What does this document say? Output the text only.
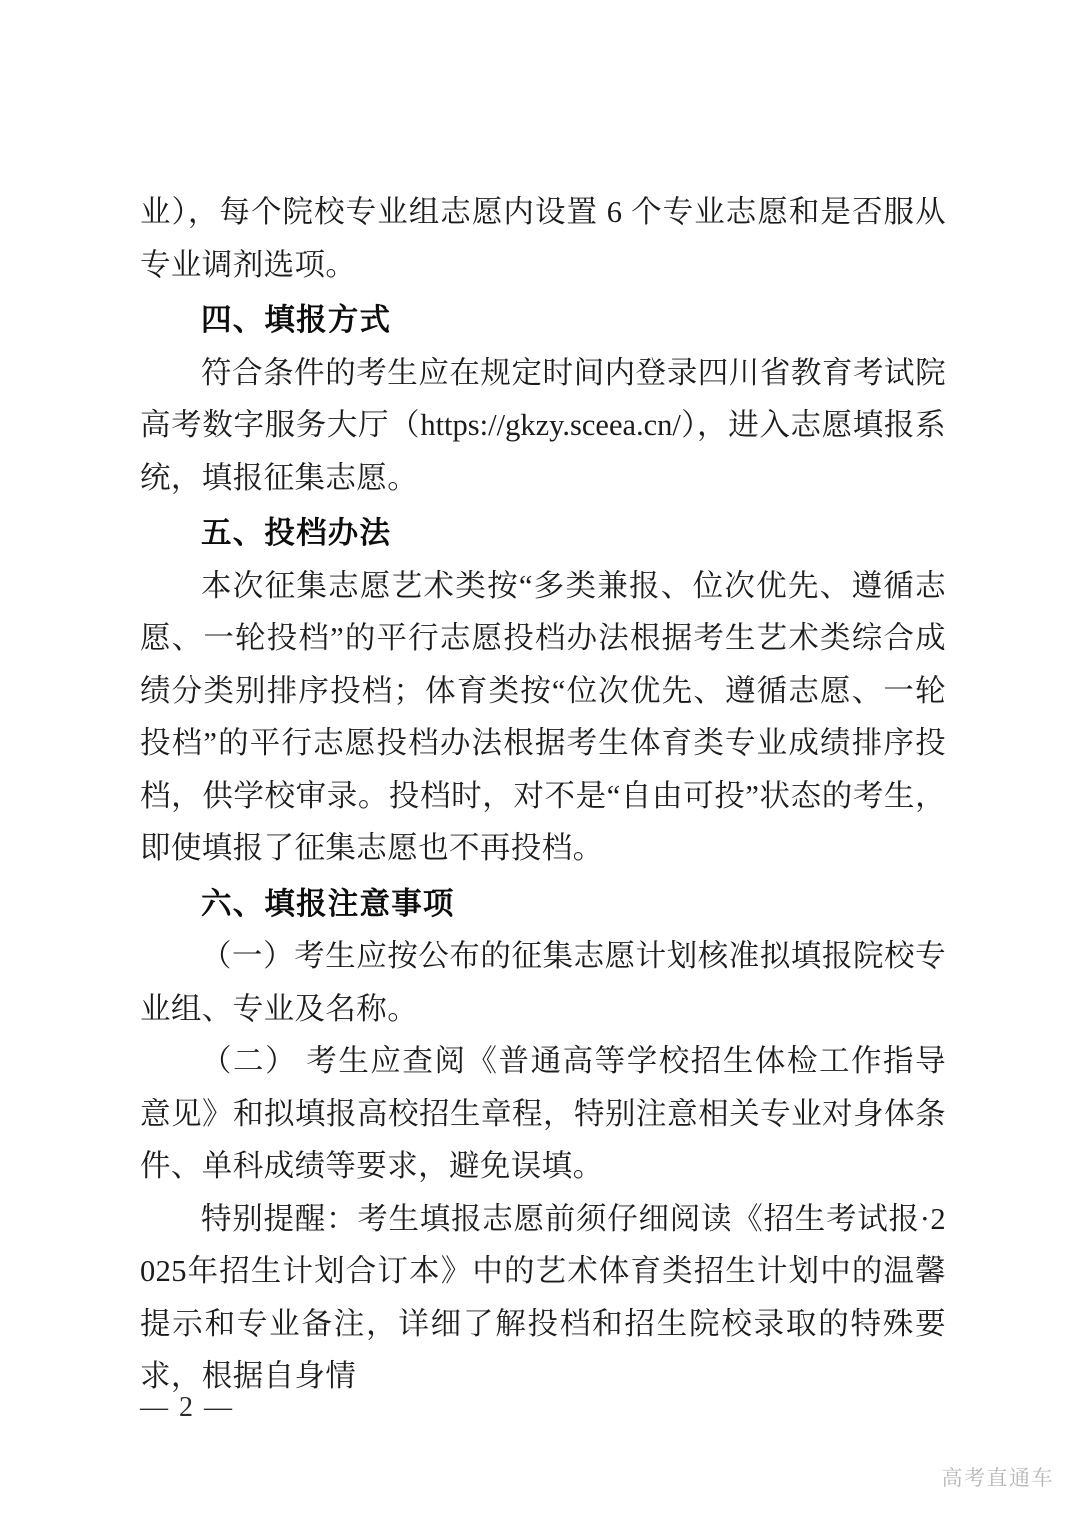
业），每个院校专业组志愿内设置 6 个专业志愿和是否服从专业调剂选项。

四、填报方式

符合条件的考生应在规定时间内登录四川省教育考试院高考数字服务大厅（https://gkzy.sceea.cn/），进入志愿填报系统，填报征集志愿。

五、投档办法

本次征集志愿艺术类按“多类兼报、位次优先、遵循志愿、一轮投档”的平行志愿投档办法根据考生艺术类综合成绩分类别排序投档；体育类按“位次优先、遵循志愿、一轮投档”的平行志愿投档办法根据考生体育类专业成绩排序投档，供学校审录。投档时，对不是“自由可投”状态的考生，即使填报了征集志愿也不再投档。

六、填报注意事项

（一）考生应按公布的征集志愿计划核准拟填报院校专业组、专业及名称。

（二） 考生应查阅《普通高等学校招生体检工作指导意见》和拟填报高校招生章程，特别注意相关专业对身体条件、单科成绩等要求，避免误填。

特别提醒：考生填报志愿前须仔细阅读《招生考试报·2025年招生计划合订本》中的艺术体育类招生计划中的温馨提示和专业备注，详细了解投档和招生院校录取的特殊要求，根据自身情

— 2 —
高考直通车
